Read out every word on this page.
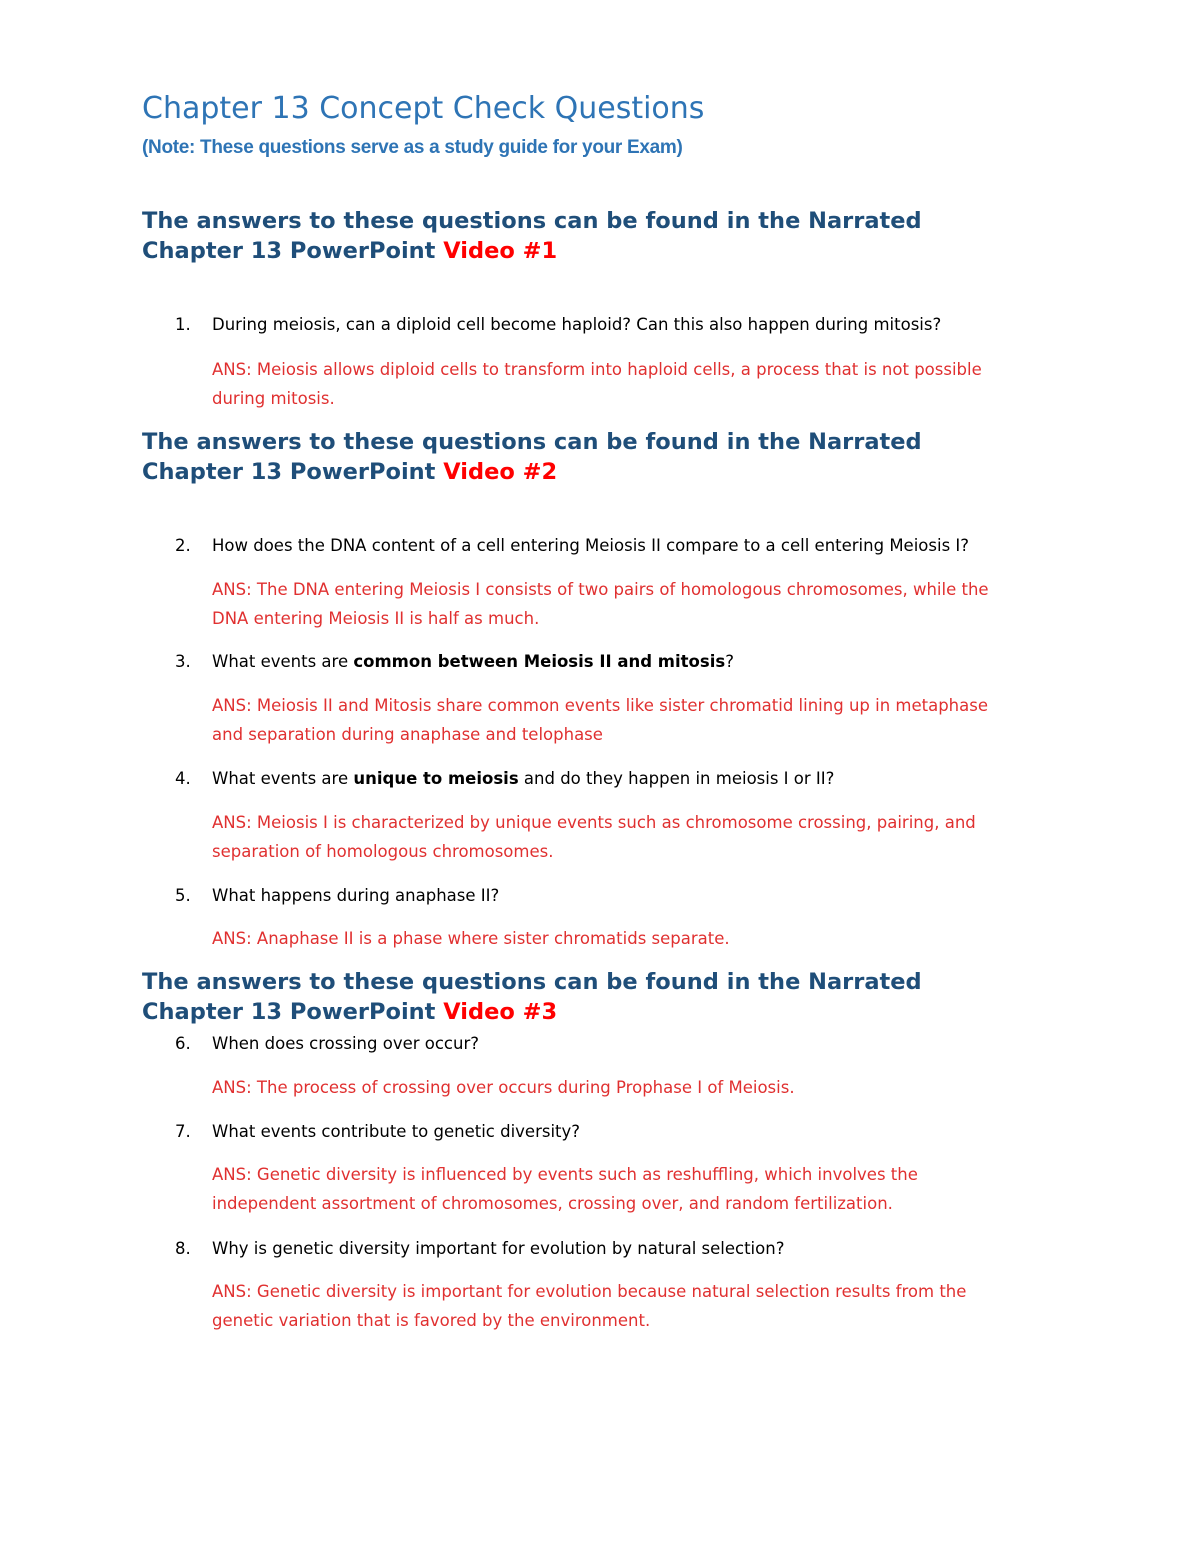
Chapter 13 Concept Check Questions
(Note: These questions serve as a study guide for your Exam)
The answers to these questions can be found in the Narrated
Chapter 13 PowerPoint Video #1
1. During meiosis, can a diploid cell become haploid? Can this also happen during mitosis?
ANS: Meiosis allows diploid cells to transform into haploid cells, a process that is not possible
during mitosis.
The answers to these questions can be found in the Narrated
Chapter 13 PowerPoint Video #2
2. How does the DNA content of a cell entering Meiosis II compare to a cell entering Meiosis I?
ANS: The DNA entering Meiosis I consists of two pairs of homologous chromosomes, while the
DNA entering Meiosis II is half as much.
3. What events are common between Meiosis II and mitosis?
ANS: Meiosis II and Mitosis share common events like sister chromatid lining up in metaphase
and separation during anaphase and telophase
4. What events are unique to meiosis and do they happen in meiosis I or II?
ANS: Meiosis I is characterized by unique events such as chromosome crossing, pairing, and
separation of homologous chromosomes.
5. What happens during anaphase II?
ANS: Anaphase II is a phase where sister chromatids separate.
The answers to these questions can be found in the Narrated
Chapter 13 PowerPoint Video #3
6. When does crossing over occur?
ANS: The process of crossing over occurs during Prophase I of Meiosis.
7. What events contribute to genetic diversity?
ANS: Genetic diversity is influenced by events such as reshuffling, which involves the
independent assortment of chromosomes, crossing over, and random fertilization.
8. Why is genetic diversity important for evolution by natural selection?
ANS: Genetic diversity is important for evolution because natural selection results from the
genetic variation that is favored by the environment.
